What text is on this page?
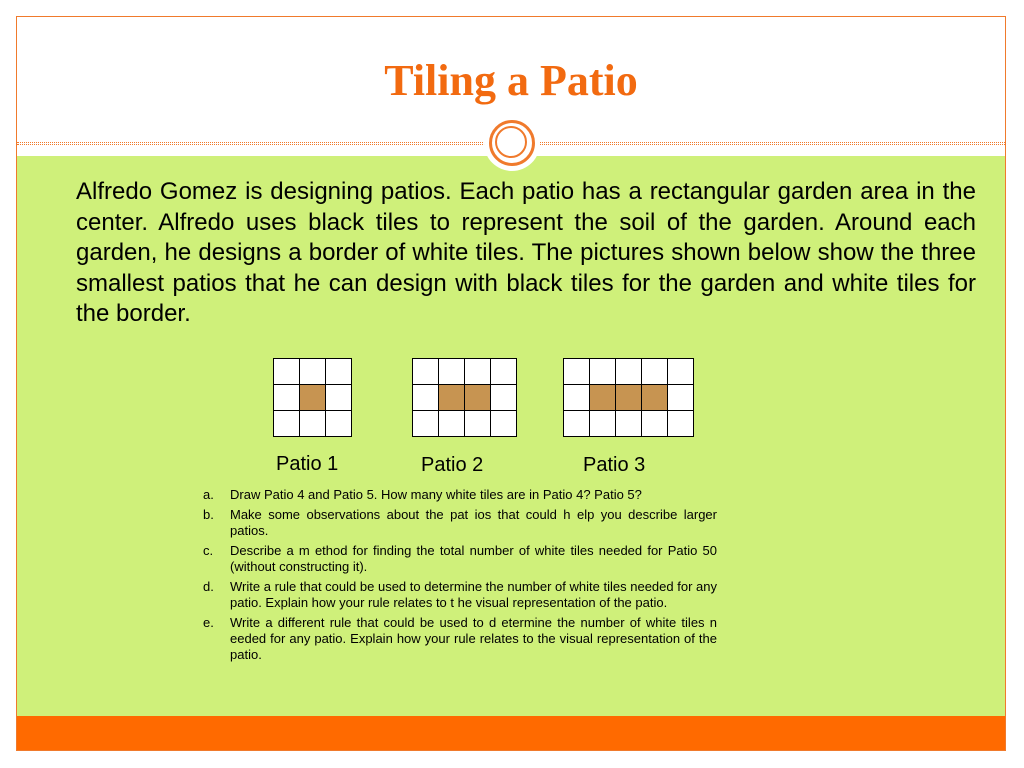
Tiling a Patio

Alfredo Gomez is designing patios. Each patio has a rectangular garden area in the center. Alfredo uses black tiles to represent the soil of the garden. Around each garden, he designs a border of white tiles. The pictures shown below show the three smallest patios that he can design with black tiles for the garden and white tiles for the border.

Patio 1	Patio 2	Patio 3
a. Draw Patio 4 and Patio 5. How many white tiles are in Patio 4? Patio 5?
b. Make some observations about the pat ios that could h elp you describe larger patios.
c. Describe a m ethod for finding the total number of white tiles needed for Patio 50 (without constructing it).
d. Write a rule that could be used to determine the number of white tiles needed for any patio. Explain how your rule relates to t he visual representation of the patio.
e. Write a different rule that could be used to d etermine the number of white tiles n eeded for any patio. Explain how your rule relates to the visual representation of the patio.
